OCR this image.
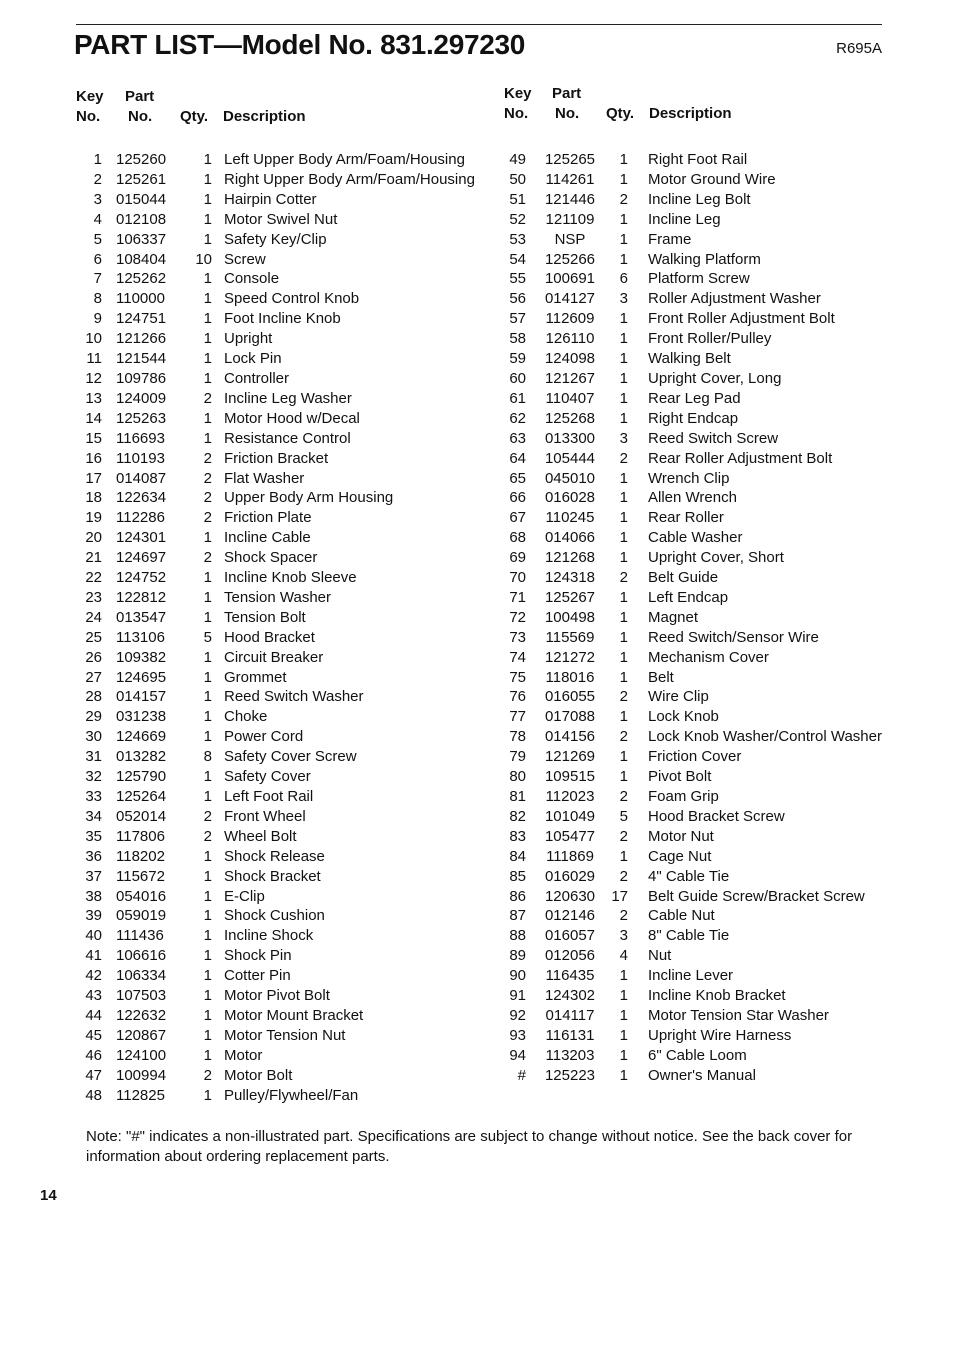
PART LIST—Model No. 831.297230	R695A
Key
No.
Part
No. Qty. Description
1 125260	1 Left Upper Body Arm/Foam/Housing
2 125261	1 Right Upper Body Arm/Foam/Housing
3 015044	1 Hairpin Cotter
4 012108	1 Motor Swivel Nut
5 106337	1 Safety Key/Clip
6 108404	10 Screw
7 125262	1 Console
8 110000	1 Speed Control Knob
9 124751	1 Foot Incline Knob
10 121266	1 Upright
11 121544	1 Lock Pin
12 109786	1 Controller
13 124009	2 Incline Leg Washer
14 125263	1 Motor Hood w/Decal
15 116693	1 Resistance Control
16 110193	2 Friction Bracket
17 014087	2 Flat Washer
18 122634	2 Upper Body Arm Housing
19 112286	2 Friction Plate
20 124301	1 Incline Cable
21 124697	2 Shock Spacer
22 124752	1 Incline Knob Sleeve
23 122812	1 Tension Washer
24 013547	1 Tension Bolt
25 113106	5 Hood Bracket
26 109382	1 Circuit Breaker
27 124695	1 Grommet
28 014157	1 Reed Switch Washer
29 031238	1 Choke
30 124669	1 Power Cord
31 013282	8 Safety Cover Screw
32 125790	1 Safety Cover
33 125264	1 Left Foot Rail
34 052014	2 Front Wheel
35 117806	2 Wheel Bolt
36 118202	1 Shock Release
37 115672	1 Shock Bracket
38 054016	1 E-Clip
39 059019	1 Shock Cushion
40 111436	1 Incline Shock
41 106616	1 Shock Pin
42 106334	1 Cotter Pin
43 107503	1 Motor Pivot Bolt
44 122632	1 Motor Mount Bracket
45 120867	1 Motor Tension Nut
46 124100	1 Motor
47 100994	2 Motor Bolt
48 112825	1 Pulley/Flywheel/Fan
Key
No.
Part
No. Qty. Description
49	125265	1 Right Foot Rail
50	114261	1 Motor Ground Wire
51	121446	2 Incline Leg Bolt
52	121109	1 Incline Leg
53	NSP	1 Frame
54	125266	1 Walking Platform
55	100691	6 Platform Screw
56	014127	3 Roller Adjustment Washer
57	112609	1 Front Roller Adjustment Bolt
58	126110	1 Front Roller/Pulley
59	124098	1 Walking Belt
60	121267	1 Upright Cover, Long
61	110407	1 Rear Leg Pad
62	125268	1 Right Endcap
63	013300	3 Reed Switch Screw
64	105444	2 Rear Roller Adjustment Bolt
65	045010	1 Wrench Clip
66	016028	1 Allen Wrench
67	110245	1 Rear Roller
68	014066	1 Cable Washer
69	121268	1 Upright Cover, Short
70	124318	2 Belt Guide
71	125267	1 Left Endcap
72	100498	1 Magnet
73	115569	1 Reed Switch/Sensor Wire
74	121272	1 Mechanism Cover
75	118016	1 Belt
76	016055	2 Wire Clip
77	017088	1 Lock Knob
78	014156	2 Lock Knob Washer/Control Washer
79	121269	1 Friction Cover
80	109515	1 Pivot Bolt
81	112023	2 Foam Grip
82	101049	5 Hood Bracket Screw
83	105477	2 Motor Nut
84	111869	1 Cage Nut
85	016029	2 4" Cable Tie
86	120630	17 Belt Guide Screw/Bracket Screw
87	012146	2 Cable Nut
88	016057	3 8" Cable Tie
89	012056	4 Nut
90	116435	1 Incline Lever
91	124302	1 Incline Knob Bracket
92	014117	1 Motor Tension Star Washer
93	116131	1 Upright Wire Harness
94	113203	1 6" Cable Loom
#	125223	1 Owner's Manual
Note: "#" indicates a non-illustrated part. Specifications are subject to change without notice. See the back cover for information about ordering replacement parts.
14
